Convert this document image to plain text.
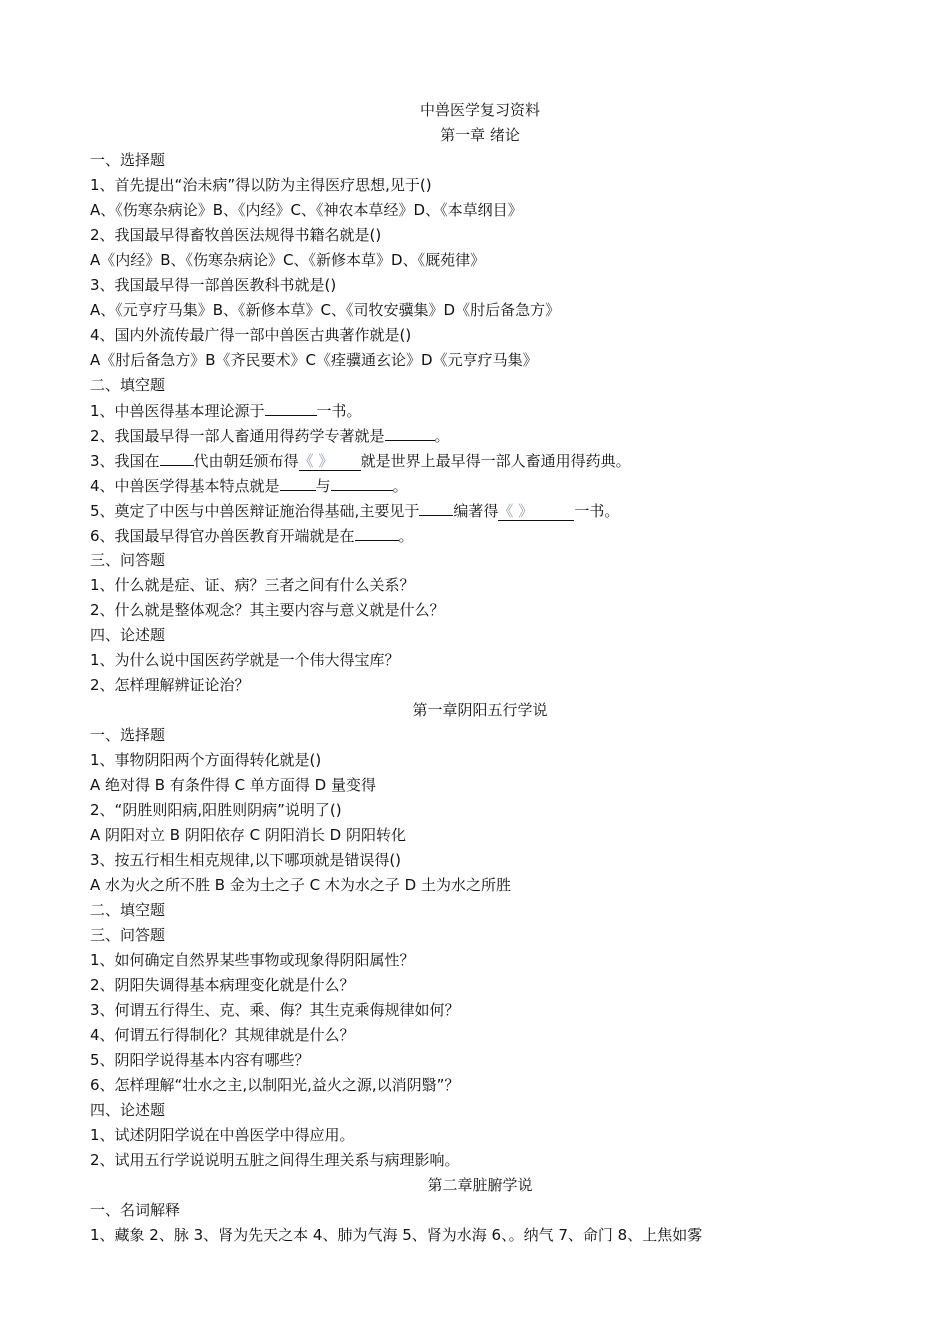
中兽医学复习资料
第一章 绪论
一、选择题
1、首先提出“治未病”得以防为主得医疗思想,见于()
A、《伤寒杂病论》B、《内经》C、《神农本草经》D、《本草纲目》
2、我国最早得畜牧兽医法规得书籍名就是()
A《内经》B、《伤寒杂病论》C、《新修本草》D、《厩苑律》
3、我国最早得一部兽医教科书就是()
A、《元亨疗马集》B、《新修本草》C、《司牧安骥集》D《肘后备急方》
4、国内外流传最广得一部中兽医古典著作就是()
A《肘后备急方》B《齐民要术》C《痊骥通玄论》D《元亨疗马集》
二、填空题
1、中兽医得基本理论源于	一书。
2、我国最早得一部人畜通用得药学专著就是	。
3、我国在 代由朝廷颁布得《 》 就是世界上最早得一部人畜通用得药典。
4、中兽医学得基本特点就是 与	。
5、奠定了中医与中兽医辩证施治得基础,主要见于 编著得《 》	一书。
6、我国最早得官办兽医教育开端就是在	。
三、问答题
1、什么就是症、证、病？三者之间有什么关系？
2、什么就是整体观念？其主要内容与意义就是什么？
四、论述题
1、为什么说中国医药学就是一个伟大得宝库？
2、怎样理解辨证论治？
第一章阴阳五行学说
一、选择题
1、事物阴阳两个方面得转化就是()
A 绝对得 B 有条件得 C 单方面得 D 量变得
2、“阴胜则阳病,阳胜则阴病”说明了()
A 阴阳对立 B 阴阳依存 C 阴阳消长 D 阴阳转化
3、按五行相生相克规律,以下哪项就是错误得()
A 水为火之所不胜 B 金为土之子 C 木为水之子 D 土为水之所胜
二、填空题
三、问答题
1、如何确定自然界某些事物或现象得阴阳属性？
2、阴阳失调得基本病理变化就是什么？
3、何谓五行得生、克、乘、侮？其生克乘侮规律如何？
4、何谓五行得制化？其规律就是什么？
5、阴阳学说得基本内容有哪些？
6、怎样理解“壮水之主,以制阳光,益火之源,以消阴翳”？
四、论述题
1、试述阴阳学说在中兽医学中得应用。
2、试用五行学说说明五脏之间得生理关系与病理影响。
第二章脏腑学说
一、名词解释
1、藏象 2、脉 3、肾为先天之本 4、肺为气海 5、肾为水海 6、。纳气 7、命门 8、上焦如雾
